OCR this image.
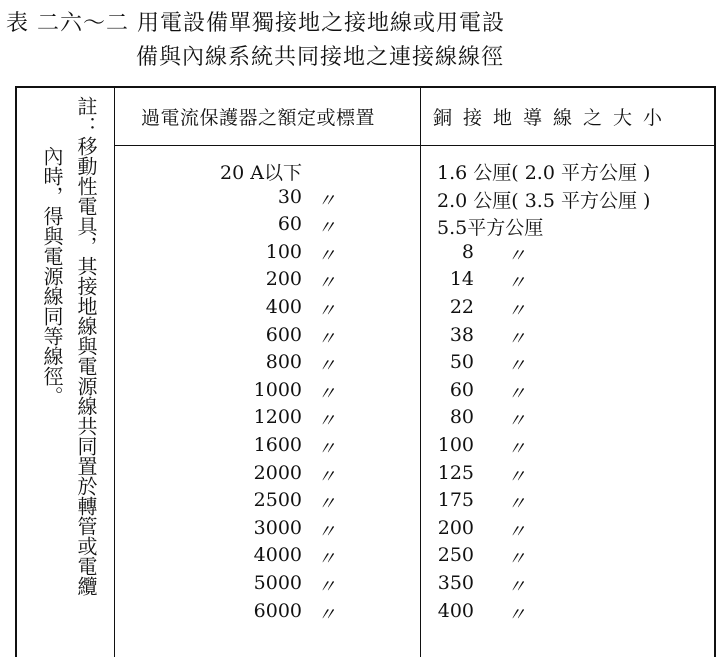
表 二六～二 用電設備單獨接地之接地線或用電設
備與內線系統共同接地之連接線線徑
註：移動性電具，其接地線與電源線共同置於轉管或電纜
內時，得與電源線同等線徑。
過電流保護器之額定或標置	銅接地導線之大小
20 A以下	1.6 公厘( 2.0 平方公厘 )
30 〃	2.0 公厘( 3.5 平方公厘 )
60 〃	5.5平方公厘
100 〃	8 〃
200 〃	14 〃
400 〃	22 〃
600 〃	38 〃
800 〃	50 〃
1000 〃	60 〃
1200 〃	80 〃
1600 〃	100 〃
2000 〃	125 〃
2500 〃	175 〃
3000 〃	200 〃
4000 〃	250 〃
5000 〃	350 〃
6000 〃	400 〃
